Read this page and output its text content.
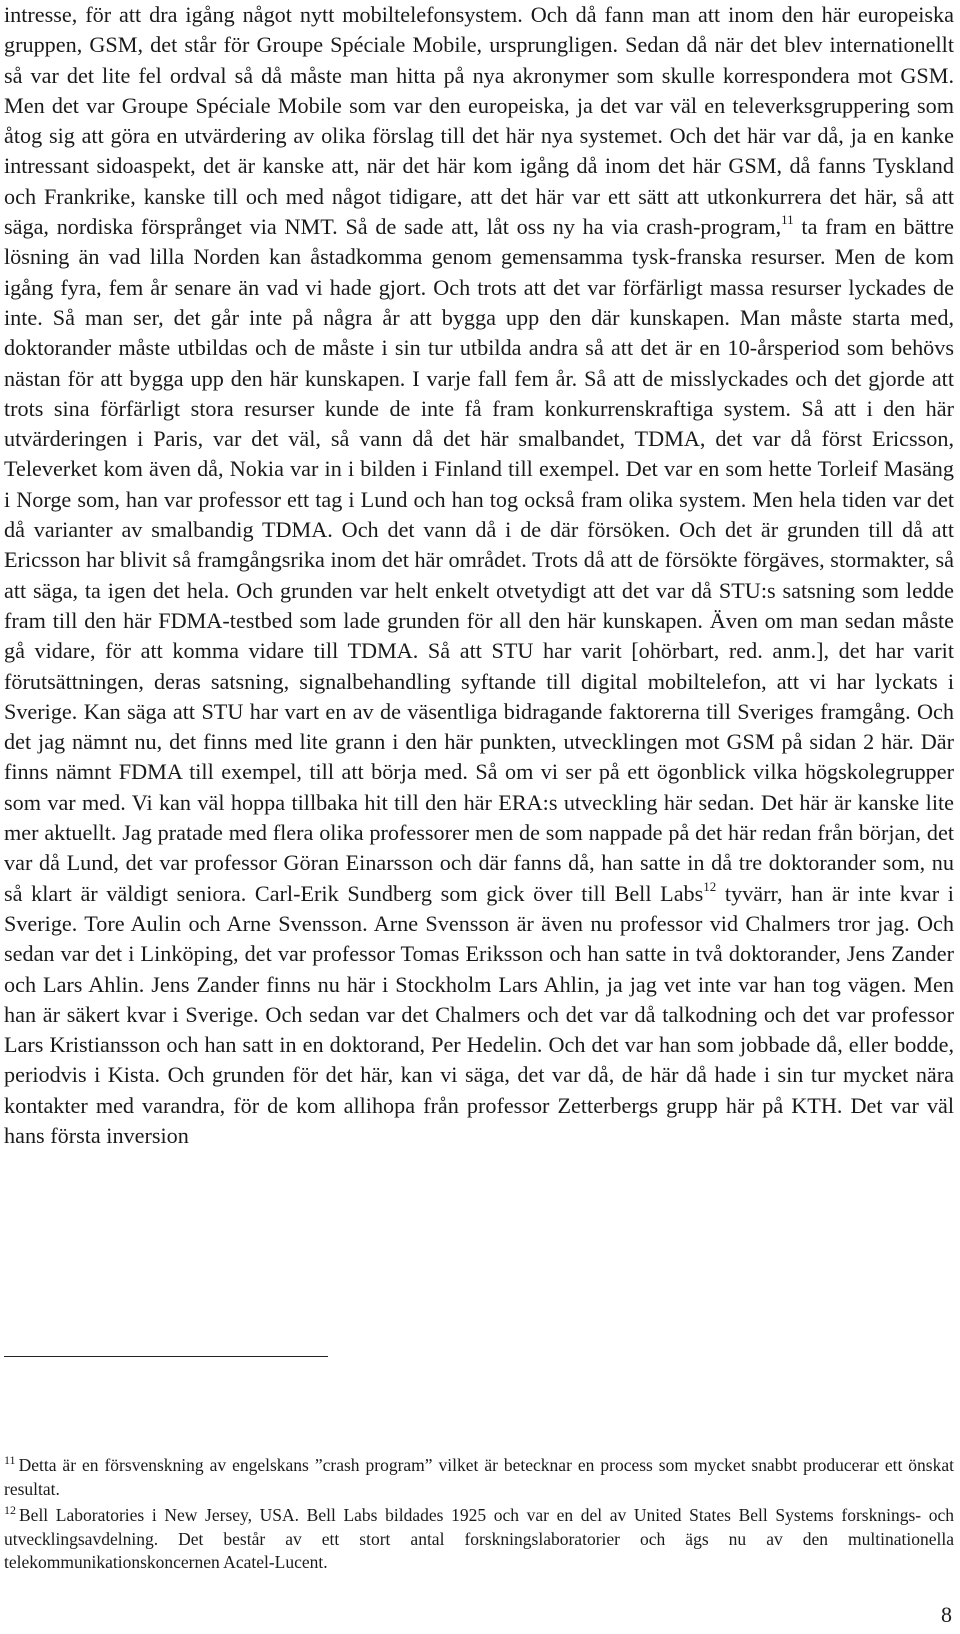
intresse, för att dra igång något nytt mobiltelefonsystem. Och då fann man att inom den här europeiska gruppen, GSM, det står för Groupe Spéciale Mobile, ursprungligen. Sedan då när det blev internationellt så var det lite fel ordval så då måste man hitta på nya akronymer som skulle korrespondera mot GSM. Men det var Groupe Spéciale Mobile som var den europeiska, ja det var väl en televerksgruppering som åtog sig att göra en utvärdering av olika förslag till det här nya systemet. Och det här var då, ja en kanke intressant sidoaspekt, det är kanske att, när det här kom igång då inom det här GSM, då fanns Tyskland och Frankrike, kanske till och med något tidigare, att det här var ett sätt att utkonkurrera det här, så att säga, nordiska försprånget via NMT. Så de sade att, låt oss ny ha via crash-program,$^{11}$ ta fram en bättre lösning än vad lilla Norden kan åstadkomma genom gemensamma tysk-franska resurser. Men de kom igång fyra, fem år senare än vad vi hade gjort. Och trots att det var förfärligt massa resurser lyckades de inte. Så man ser, det går inte på några år att bygga upp den där kunskapen. Man måste starta med, doktorander måste utbildas och de måste i sin tur utbilda andra så att det är en 10-årsperiod som behövs nästan för att bygga upp den här kunskapen. I varje fall fem år. Så att de misslyckades och det gjorde att trots sina förfärligt stora resurser kunde de inte få fram konkurrenskraftiga system. Så att i den här utvärderingen i Paris, var det väl, så vann då det här smalbandet, TDMA, det var då först Ericsson, Televerket kom även då, Nokia var in i bilden i Finland till exempel. Det var en som hette Torleif Masäng i Norge som, han var professor ett tag i Lund och han tog också fram olika system. Men hela tiden var det då varianter av smalbandig TDMA. Och det vann då i de där försöken. Och det är grunden till då att Ericsson har blivit så framgångsrika inom det här området. Trots då att de försökte förgäves, stormakter, så att säga, ta igen det hela. Och grunden var helt enkelt otvetydigt att det var då STU:s satsning som ledde fram till den här FDMA-testbed som lade grunden för all den här kunskapen. Även om man sedan måste gå vidare, för att komma vidare till TDMA. Så att STU har varit [ohörbart, red. anm.], det har varit förutsättningen, deras satsning, signalbehandling syftande till digital mobiltelefon, att vi har lyckats i Sverige. Kan säga att STU har vart en av de väsentliga bidragande faktorerna till Sveriges framgång. Och det jag nämnt nu, det finns med lite grann i den här punkten, utvecklingen mot GSM på sidan 2 här. Där finns nämnt FDMA till exempel, till att börja med. Så om vi ser på ett ögonblick vilka högskolegrupper som var med. Vi kan väl hoppa tillbaka hit till den här ERA:s utveckling här sedan. Det här är kanske lite mer aktuellt. Jag pratade med flera olika professorer men de som nappade på det här redan från början, det var då Lund, det var professor Göran Einarsson och där fanns då, han satte in då tre doktorander som, nu så klart är väldigt seniora. Carl-Erik Sundberg som gick över till Bell Labs$^{12}$ tyvärr, han är inte kvar i Sverige. Tore Aulin och Arne Svensson. Arne Svensson är även nu professor vid Chalmers tror jag. Och sedan var det i Linköping, det var professor Tomas Eriksson och han satte in två doktorander, Jens Zander och Lars Ahlin. Jens Zander finns nu här i Stockholm Lars Ahlin, ja jag vet inte var han tog vägen. Men han är säkert kvar i Sverige. Och sedan var det Chalmers och det var då talkodning och det var professor Lars Kristiansson och han satt in en doktorand, Per Hedelin. Och det var han som jobbade då, eller bodde, periodvis i Kista. Och grunden för det här, kan vi säga, det var då, de här då hade i sin tur mycket nära kontakter med varandra, för de kom allihopa från professor Zetterbergs grupp här på KTH. Det var väl hans första inversion

$^{11}$ Detta är en försvenskning av engelskans ”crash program” vilket är betecknar en process som mycket snabbt producerar ett önskat resultat.

$^{12}$ Bell Laboratories i New Jersey, USA. Bell Labs bildades 1925 och var en del av United States Bell Systems forsknings- och utvecklingsavdelning. Det består av ett stort antal forskningslaboratorier och ägs nu av den multinationella telekommunikationskoncernen Acatel-Lucent.

8
